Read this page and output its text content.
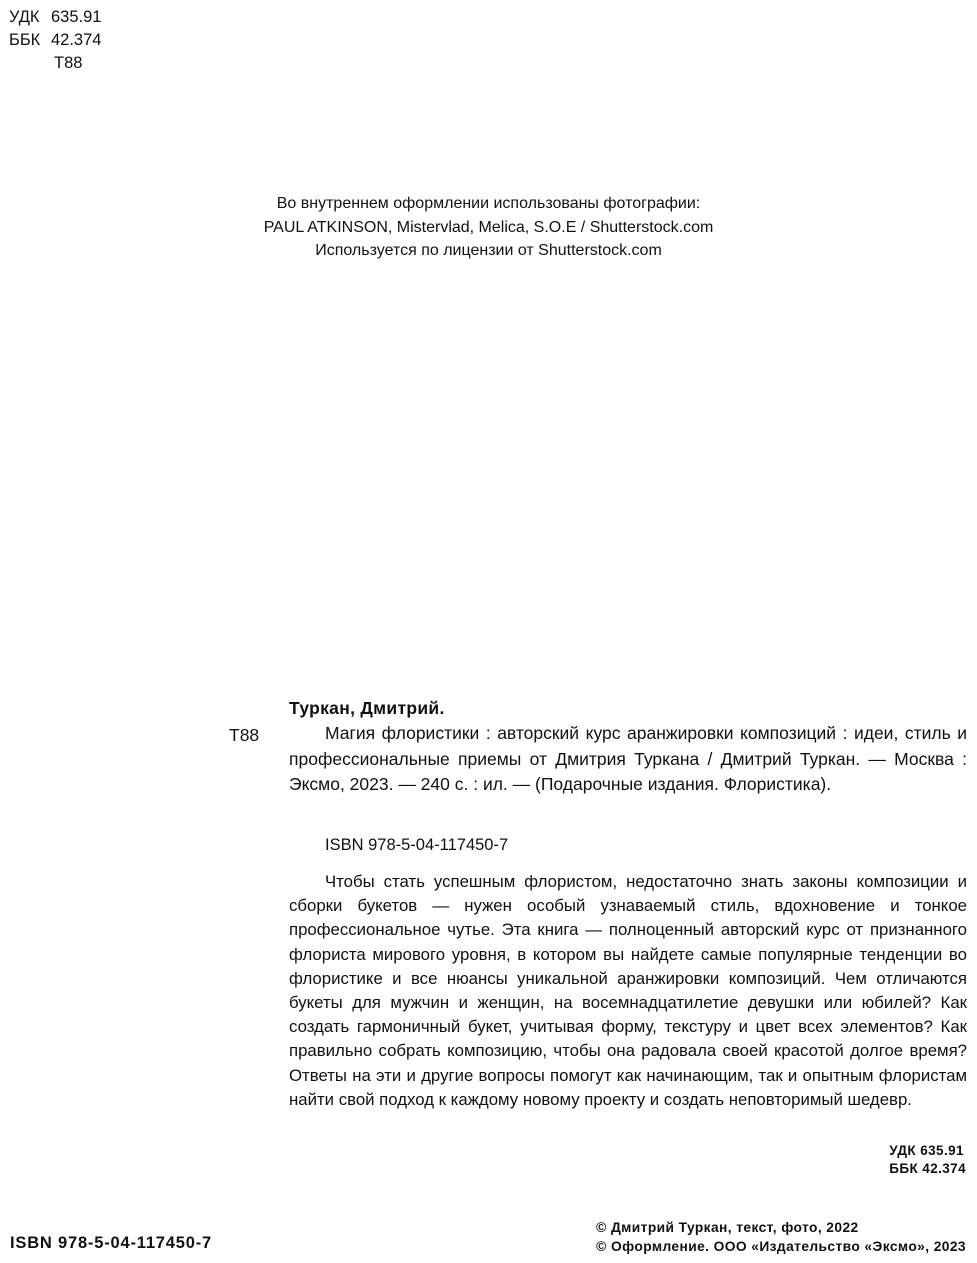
УДК 635.91
ББК 42.374
Т88
Во внутреннем оформлении использованы фотографии:
PAUL ATKINSON, Mistervlad, Melica, S.O.E / Shutterstock.com
Используется по лицензии от Shutterstock.com
Туркан, Дмитрий.
Т88	Магия флористики : авторский курс аранжировки композиций : идеи, стиль и профессиональные приемы от Дмитрия Туркана / Дмитрий Туркан. — Москва : Эксмо, 2023. — 240 с. : ил. — (Подарочные издания. Флористика).
ISBN 978-5-04-117450-7
Чтобы стать успешным флористом, недостаточно знать законы композиции и сборки букетов — нужен особый узнаваемый стиль, вдохновение и тонкое профессиональное чутье. Эта книга — полноценный авторский курс от признанного флориста мирового уровня, в котором вы найдете самые популярные тенденции во флористике и все нюансы уникальной аранжировки композиций. Чем отличаются букеты для мужчин и женщин, на восемнадцатилетие девушки или юбилей? Как создать гармоничный букет, учитывая форму, текстуру и цвет всех элементов? Как правильно собрать композицию, чтобы она радовала своей красотой долгое время? Ответы на эти и другие вопросы помогут как начинающим, так и опытным флористам найти свой подход к каждому новому проекту и создать неповторимый шедевр.
УДК 635.91
ББК 42.374
ISBN 978-5-04-117450-7
© Дмитрий Туркан, текст, фото, 2022
© Оформление. ООО «Издательство «Эксмо», 2023
